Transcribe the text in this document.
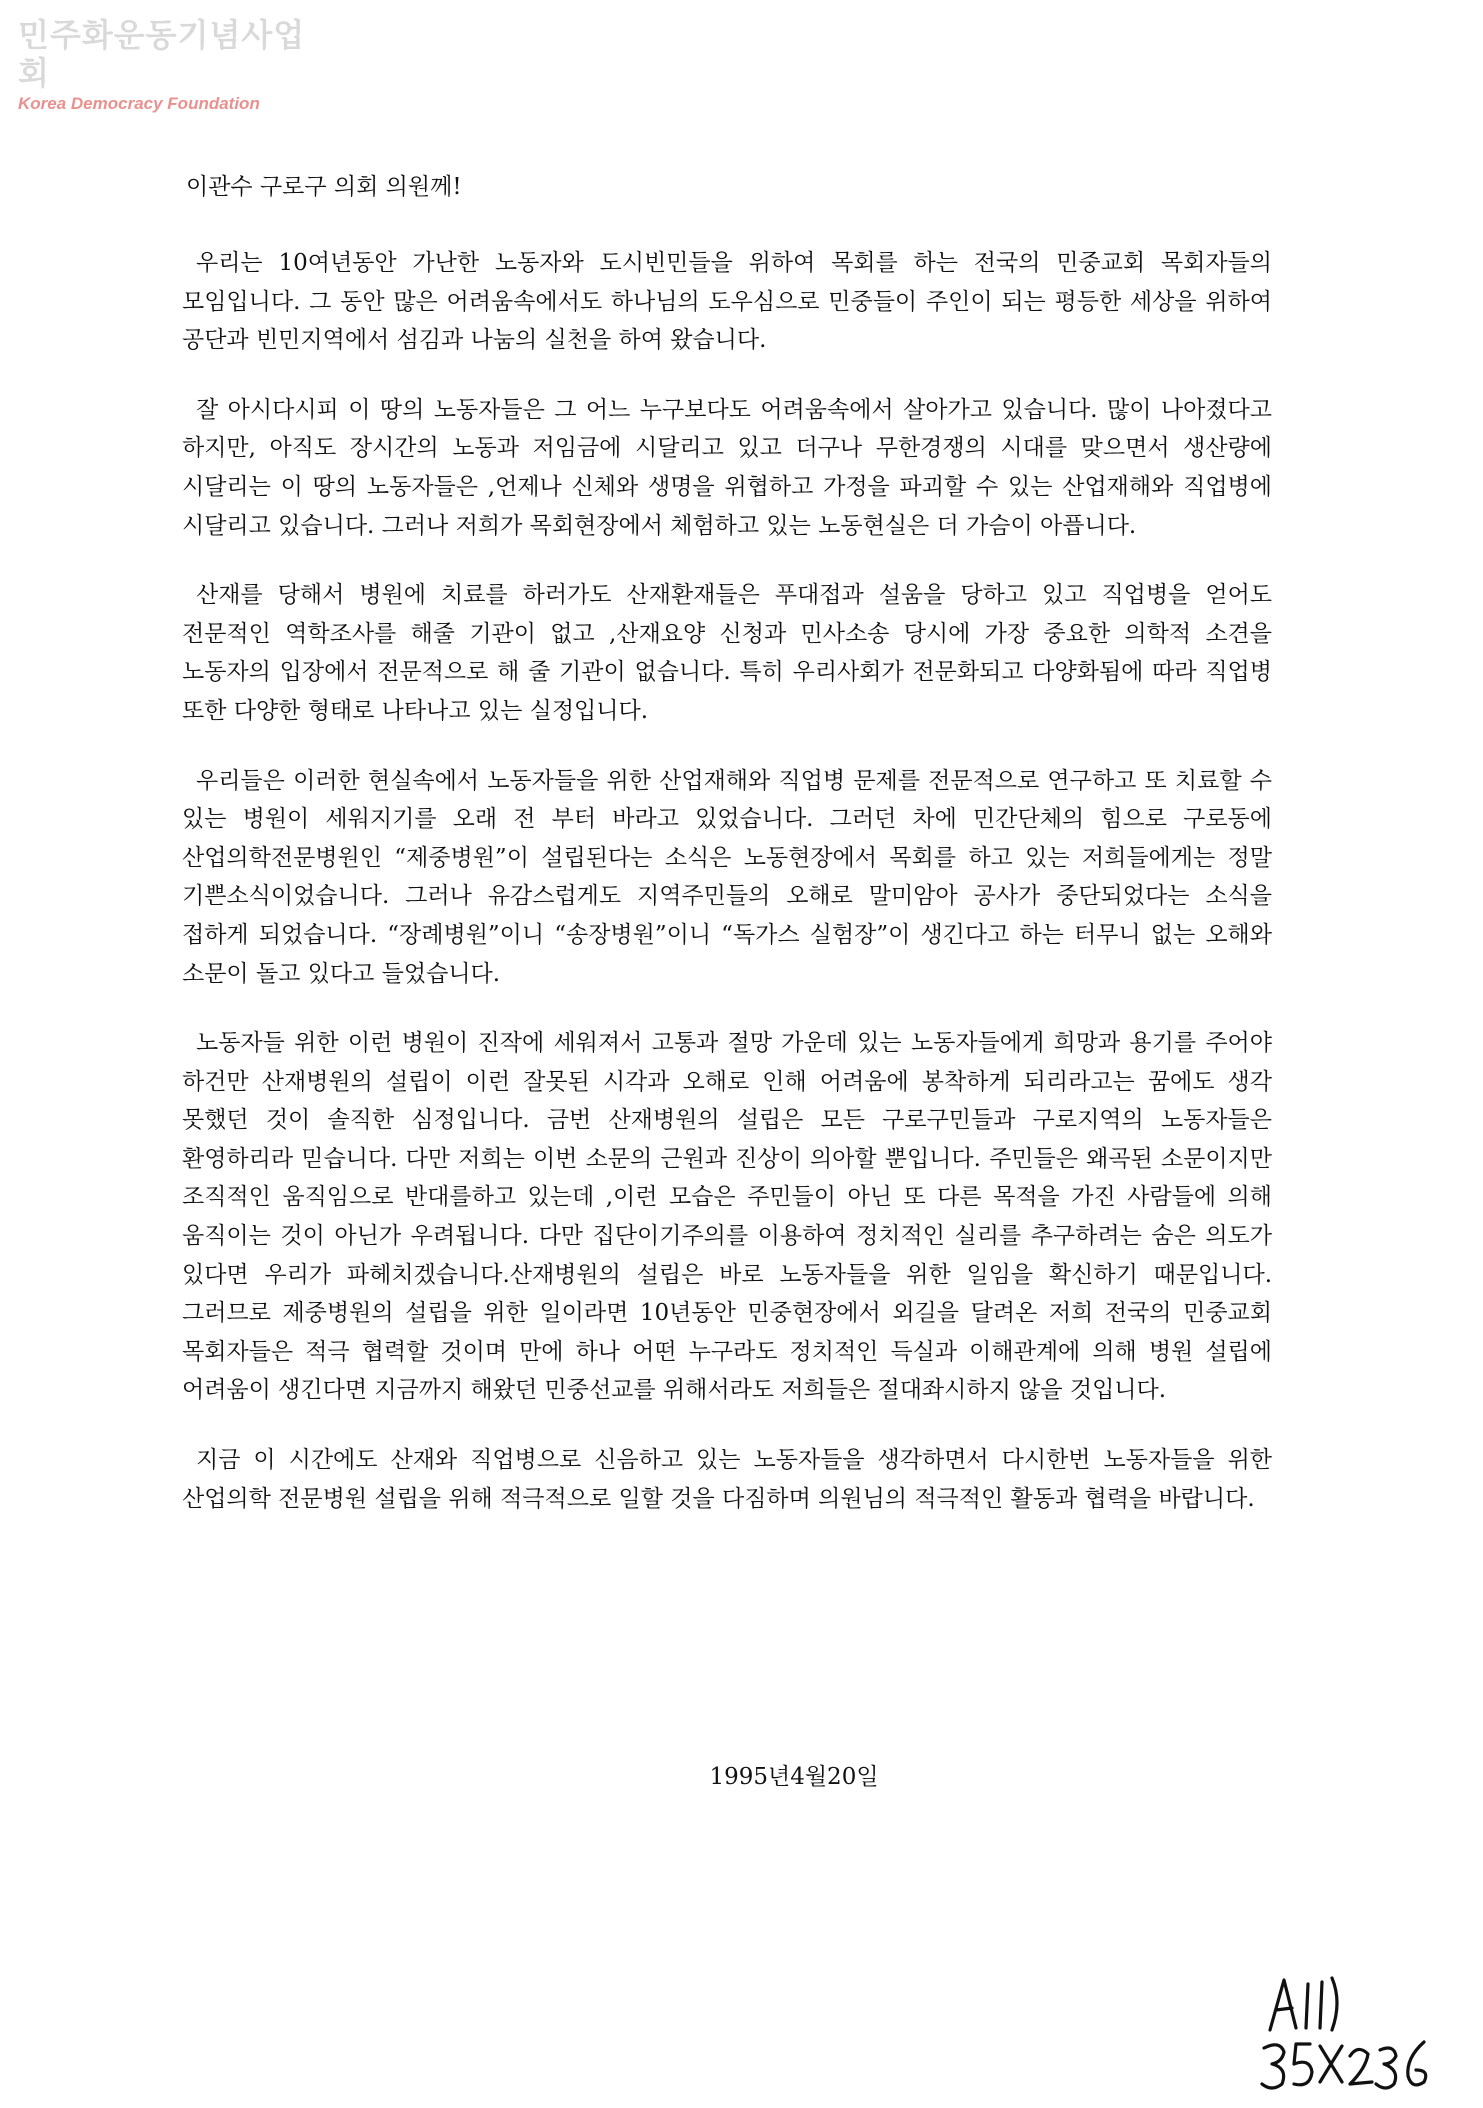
민주화운동기념사업회
Korea Democracy Foundation
이관수 구로구 의회 의원께!

우리는 10여년동안 가난한 노동자와 도시빈민들을 위하여 목회를 하는 전국의 민중교회 목회자들의 모임입니다. 그 동안 많은 어려움속에서도 하나님의 도우심으로 민중들이 주인이 되는 평등한 세상을 위하여 공단과 빈민지역에서 섬김과 나눔의 실천을 하여 왔습니다.

잘 아시다시피 이 땅의 노동자들은 그 어느 누구보다도 어려움속에서 살아가고 있습니다. 많이 나아졌다고 하지만, 아직도 장시간의 노동과 저임금에 시달리고 있고 더구나 무한경쟁의 시대를 맞으면서 생산량에 시달리는 이 땅의 노동자들은 ,언제나 신체와 생명을 위협하고 가정을 파괴할 수 있는 산업재해와 직업병에 시달리고 있습니다. 그러나 저희가 목회현장에서 체험하고 있는 노동현실은 더 가슴이 아픕니다.

산재를 당해서 병원에 치료를 하러가도 산재환재들은 푸대접과 설움을 당하고 있고 직업병을 얻어도 전문적인 역학조사를 해줄 기관이 없고 ,산재요양 신청과 민사소송 당시에 가장 중요한 의학적 소견을 노동자의 입장에서 전문적으로 해 줄 기관이 없습니다. 특히 우리사회가 전문화되고 다양화됨에 따라 직업병 또한 다양한 형태로 나타나고 있는 실정입니다.

우리들은 이러한 현실속에서 노동자들을 위한 산업재해와 직업병 문제를 전문적으로 연구하고 또 치료할 수 있는 병원이 세워지기를 오래 전 부터 바라고 있었습니다. 그러던 차에 민간단체의 힘으로 구로동에 산업의학전문병원인 “제중병원”이 설립된다는 소식은 노동현장에서 목회를 하고 있는 저희들에게는 정말 기쁜소식이었습니다. 그러나 유감스럽게도 지역주민들의 오해로 말미암아 공사가 중단되었다는 소식을 접하게 되었습니다. “장례병원”이니 “송장병원”이니 “독가스 실험장”이 생긴다고 하는 터무니 없는 오해와 소문이 돌고 있다고 들었습니다.

노동자들 위한 이런 병원이 진작에 세워져서 고통과 절망 가운데 있는 노동자들에게 희망과 용기를 주어야 하건만 산재병원의 설립이 이런 잘못된 시각과 오해로 인해 어려움에 봉착하게 되리라고는 꿈에도 생각 못했던 것이 솔직한 심정입니다. 금번 산재병원의 설립은 모든 구로구민들과 구로지역의 노동자들은 환영하리라 믿습니다. 다만 저희는 이번 소문의 근원과 진상이 의아할 뿐입니다. 주민들은 왜곡된 소문이지만 조직적인 움직임으로 반대를하고 있는데 ,이런 모습은 주민들이 아닌 또 다른 목적을 가진 사람들에 의해 움직이는 것이 아닌가 우려됩니다. 다만 집단이기주의를 이용하여 정치적인 실리를 추구하려는 숨은 의도가 있다면 우리가 파헤치겠습니다.산재병원의 설립은 바로 노동자들을 위한 일임을 확신하기 때문입니다. 그러므로 제중병원의 설립을 위한 일이라면 10년동안 민중현장에서 외길을 달려온 저희 전국의 민중교회 목회자들은 적극 협력할 것이며 만에 하나 어떤 누구라도 정치적인 득실과 이해관계에 의해 병원 설립에 어려움이 생긴다면 지금까지 해왔던 민중선교를 위해서라도 저희들은 절대좌시하지 않을 것입니다.

지금 이 시간에도 산재와 직업병으로 신음하고 있는 노동자들을 생각하면서 다시한번 노동자들을 위한 산업의학 전문병원 설립을 위해 적극적으로 일할 것을 다짐하며 의원님의 적극적인 활동과 협력을 바랍니다.

1995년4월20일
